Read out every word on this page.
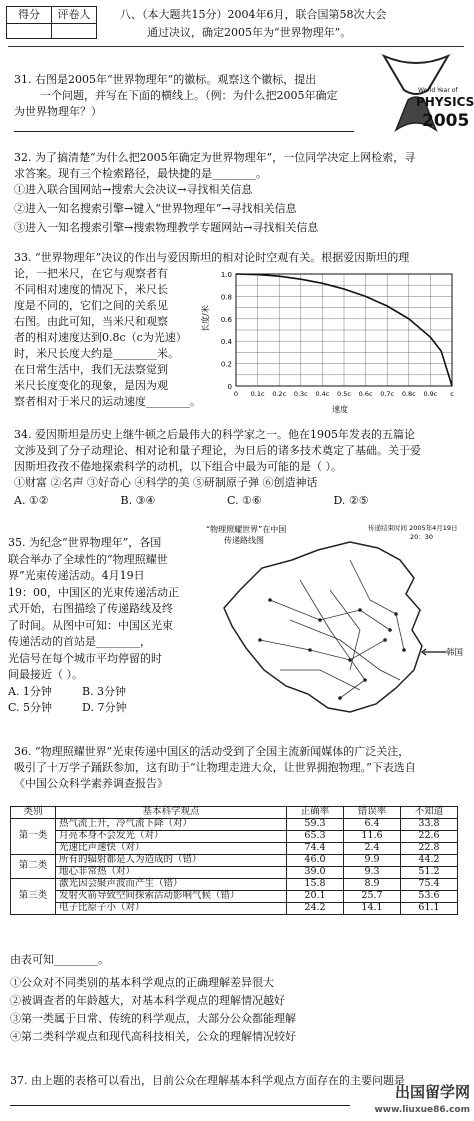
得分	评卷人
		八、（本大题共15分）2004年6月，联合国第58次大会
通过决议，确定2005年为“世界物理年”。
31. 右图是2005年“世界物理年”的徽标。观察这个徽标，提出
一个问题，并写在下面的横线上。（例：为什么把2005年确定
为世界物理年？）
World Year of
PHYSICS
2005
32. 为了搞清楚“为什么把2005年确定为世界物理年”，一位同学决定上网检索，寻
求答案。现有三个检索路径，最快捷的是________。
①进入联合国网站→搜索大会决议→寻找相关信息
②进入一知名搜索引擎→键入“世界物理年”→寻找相关信息
③进入一知名搜索引擎→搜索物理教学专题网站→寻找相关信息
33. “世界物理年”决议的作出与爱因斯坦的相对论时空观有关。根据爱因斯坦的理
论，一把米尺，在它与观察者有
不同相对速度的情况下，米尺长
度是不同的，它们之间的关系见
右图。由此可知，当米尺和观察
者的相对速度达到0.8c（c为光速）
时，米尺长度大约是________米。
在日常生活中，我们无法察觉到
米尺长度变化的现象，是因为观
察者相对于米尺的运动速度________。
长度/米
速度
0
0.2
0.4
0.6
0.8
1.0
0 0.1c 0.2c 0.3c 0.4c 0.5c 0.6c 0.7c 0.8c 0.9c c
34. 爱因斯坦是历史上继牛顿之后最伟大的科学家之一。他在1905年发表的五篇论
文涉及到了分子动理论、相对论和量子理论，为日后的诸多技术奠定了基础。关于爱
因斯坦孜孜不倦地探索科学的动机，以下组合中最为可能的是（ ）。
①财富 ②名声 ③好奇心 ④科学的美 ⑤研制原子弹 ⑥创造神话
A. ①②	B. ③④	C. ①⑥	D. ②⑤
35. 为纪念“世界物理年”，各国
联合举办了全球性的“物理照耀世
界”光束传递活动。4月19日
19：00，中国区的光束传递活动正
式开始，右图描绘了传递路线及终
了时间。从图中可知：中国区光束
传递活动的首站是________，
光信号在每个城市平均停留的时
间最接近（ ）。
A. 1分钟	B. 3分钟
C. 5分钟	D. 7分钟
“物理照耀世界”在中国
传递路线图
传递结束时间 2005年4月19日
20：30
韩国
36. “物理照耀世界”光束传递中国区的活动受到了全国主流新闻媒体的广泛关注，
吸引了十万学子踊跃参加，这有助于“让物理走进大众，让世界拥抱物理。”下表选自
《中国公众科学素养调查报告》
类别	基本科学观点	正确率	错误率	不知道
第一类	热气流上升，冷气流下降（对）	59.3	6.4	33.8
	月亮本身不会发光（对）	65.3	11.6	22.6
	光速比声速快（对）	74.4	2.4	22.8
第二类	所有的辐射都是人为造成的（错）	46.0	9.9	44.2
	地心非常热（对）	39.0	9.3	51.2
第三类	激光因会聚声波而产生（错）	15.8	8.9	75.4
	发射火箭导致空间探索活动影响气候（错）	20.1	25.7	53.6
	电子比原子小（对）	24.2	14.1	61.1
由表可知________。
①公众对不同类别的基本科学观点的正确理解差异很大
②被调查者的年龄越大，对基本科学观点的理解情况越好
③第一类属于日常、传统的科学观点，大部分公众都能理解
④第二类科学观点和现代高科技相关，公众的理解情况较好
37. 由上题的表格可以看出，目前公众在理解基本科学观点方面存在的主要问题是
出国留学网
www.liuxue86.com
